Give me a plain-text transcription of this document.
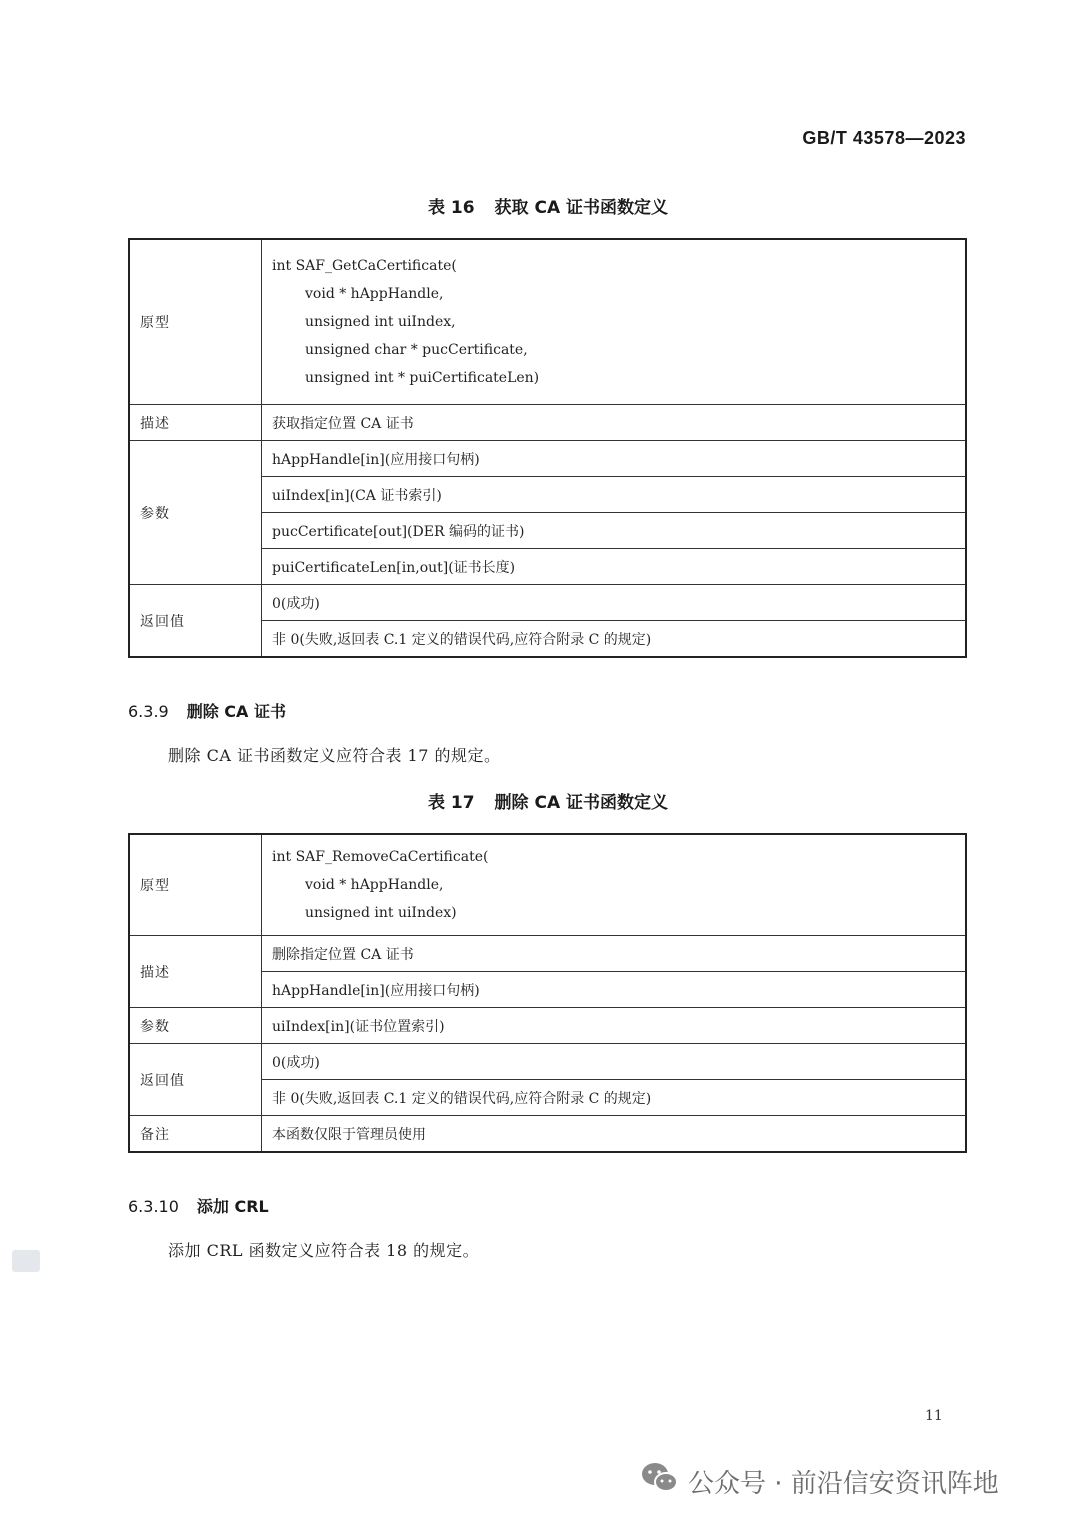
GB/T 43578—2023
表 16 获取 CA 证书函数定义
原型	int SAF_GetCaCertificate(
void * hAppHandle,
unsigned int uiIndex,
unsigned char * pucCertificate,
unsigned int * puiCertificateLen)

描述	获取指定位置 CA 证书
参数	hAppHandle[in](应用接口句柄)
	uiIndex[in](CA 证书索引)
	pucCertificate[out](DER 编码的证书)
	puiCertificateLen[in,out](证书长度)
返回值	0(成功)
	非 0(失败,返回表 C.1 定义的错误代码,应符合附录 C 的规定)
6.3.9 删除 CA 证书
删除 CA 证书函数定义应符合表 17 的规定。
表 17 删除 CA 证书函数定义
原型	int SAF_RemoveCaCertificate(
void * hAppHandle,
unsigned int uiIndex)

描述	删除指定位置 CA 证书
	hAppHandle[in](应用接口句柄)
参数	uiIndex[in](证书位置索引)
返回值	0(成功)
	非 0(失败,返回表 C.1 定义的错误代码,应符合附录 C 的规定)
备注	本函数仅限于管理员使用
6.3.10 添加 CRL
添加 CRL 函数定义应符合表 18 的规定。
11
公众号 · 前沿信安资讯阵地
